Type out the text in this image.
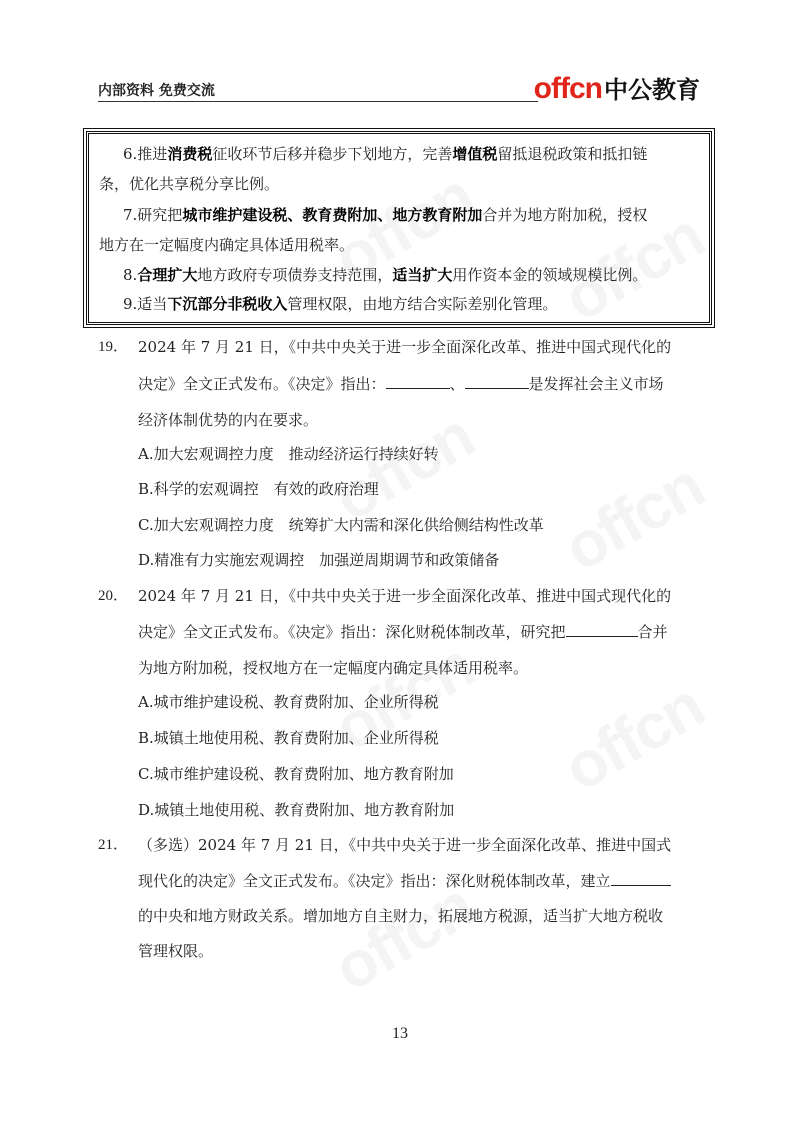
内部资料 免费交流	offcn 中公教育
6.推进消费税征收环节后移并稳步下划地方，完善增值税留抵退税政策和抵扣链
条，优化共享税分享比例。
7.研究把城市维护建设税、教育费附加、地方教育附加合并为地方附加税，授权
地方在一定幅度内确定具体适用税率。
8.合理扩大地方政府专项债券支持范围，适当扩大用作资本金的领域规模比例。
9.适当下沉部分非税收入管理权限，由地方结合实际差别化管理。
19． 2024 年 7 月 21 日，《中共中央关于进一步全面深化改革、推进中国式现代化的
决定》全文正式发布。《决定》指出：	、	是发挥社会主义市场
经济体制优势的内在要求。
A.加大宏观调控力度　推动经济运行持续好转
B.科学的宏观调控　有效的政府治理
C.加大宏观调控力度　统筹扩大内需和深化供给侧结构性改革
D.精准有力实施宏观调控　加强逆周期调节和政策储备
20． 2024 年 7 月 21 日，《中共中央关于进一步全面深化改革、推进中国式现代化的
决定》全文正式发布。《决定》指出：深化财税体制改革，研究把	合并
为地方附加税，授权地方在一定幅度内确定具体适用税率。
A.城市维护建设税、教育费附加、企业所得税
B.城镇土地使用税、教育费附加、企业所得税
C.城市维护建设税、教育费附加、地方教育附加
D.城镇土地使用税、教育费附加、地方教育附加
21． （多选）2024 年 7 月 21 日，《中共中央关于进一步全面深化改革、推进中国式
现代化的决定》全文正式发布。《决定》指出：深化财税体制改革，建立
的中央和地方财政关系。增加地方自主财力，拓展地方税源，适当扩大地方税收
管理权限。
13
